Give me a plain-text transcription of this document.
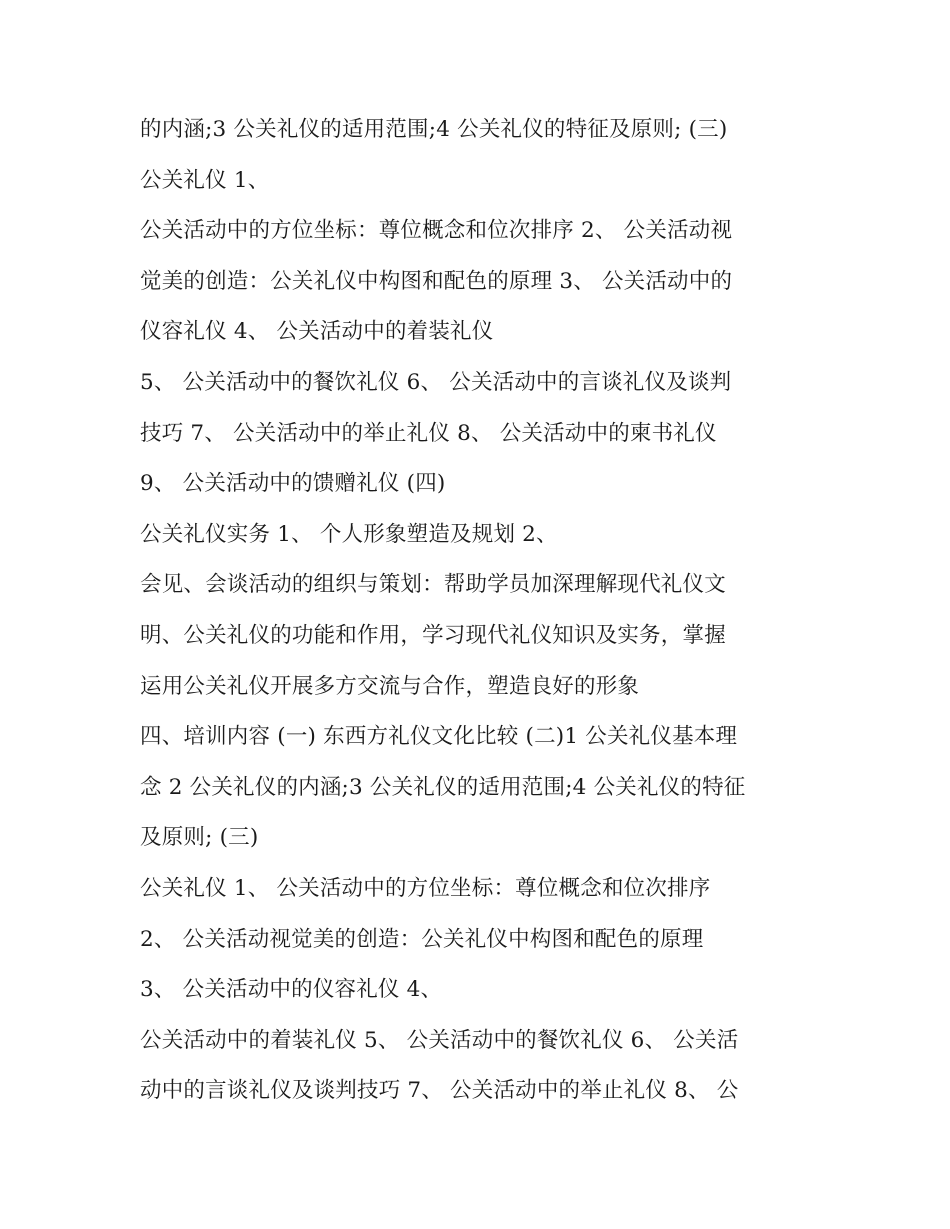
的内涵;3 公关礼仪的适用范围;4 公关礼仪的特征及原则; (三)
公关礼仪 1、
公关活动中的方位坐标：尊位概念和位次排序 2、 公关活动视
觉美的创造：公关礼仪中构图和配色的原理 3、 公关活动中的
仪容礼仪 4、 公关活动中的着装礼仪
5、 公关活动中的餐饮礼仪 6、 公关活动中的言谈礼仪及谈判
技巧 7、 公关活动中的举止礼仪 8、 公关活动中的柬书礼仪
9、 公关活动中的馈赠礼仪 (四)
公关礼仪实务 1、 个人形象塑造及规划 2、
会见、会谈活动的组织与策划：帮助学员加深理解现代礼仪文
明、公关礼仪的功能和作用，学习现代礼仪知识及实务，掌握
运用公关礼仪开展多方交流与合作，塑造良好的形象
四、培训内容 (一) 东西方礼仪文化比较 (二)1 公关礼仪基本理
念 2 公关礼仪的内涵;3 公关礼仪的适用范围;4 公关礼仪的特征
及原则; (三)
公关礼仪 1、 公关活动中的方位坐标：尊位概念和位次排序
2、 公关活动视觉美的创造：公关礼仪中构图和配色的原理
3、 公关活动中的仪容礼仪 4、
公关活动中的着装礼仪 5、 公关活动中的餐饮礼仪 6、 公关活
动中的言谈礼仪及谈判技巧 7、 公关活动中的举止礼仪 8、 公
